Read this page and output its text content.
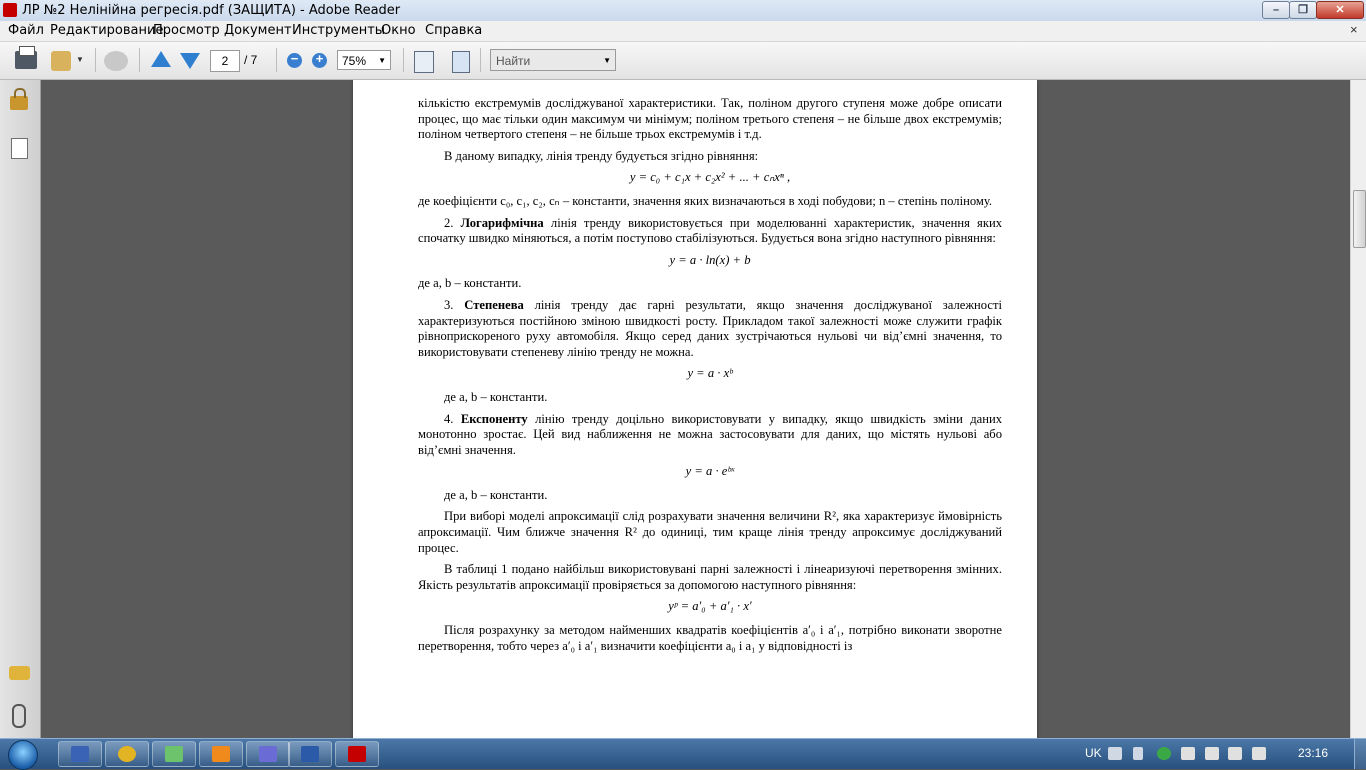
ЛР №2 Нелінійна регресія.pdf (ЗАЩИТА) - Adobe Reader	–	❐	✕
Файл Редактирование
Просмотр Документ Инструменты
Окно Справка	×
▼	− +
2	/ 7	75% ▼	Найти	▼

кількістю екстремумів досліджуваної характеристики. Так, поліном другого ступеня може добре описати процес, що має тільки один максимум чи мінімум; поліном третього степеня – не більше двох екстремумів; поліном четвертого степеня – не більше трьох екстремумів і т.д.

В даному випадку, лінія тренду будується згідно рівняння:

y = c₀ + c₁x + c₂x² + ... + cₙxⁿ ,

де коефіцієнти c₀, c₁, c₂, cₙ – константи, значення яких визначаються в ході побудови; n – степінь поліному.

2. Логарифмічна лінія тренду використовується при моделюванні характеристик, значення яких спочатку швидко міняються, а потім поступово стабілізуються. Будується вона згідно наступного рівняння:

y = a · ln(x) + b

де a, b – константи.

3. Степенева лінія тренду дає гарні результати, якщо значення досліджуваної залежності характеризуються постійною зміною швидкості росту. Прикладом такої залежності може служити графік рівноприскореного руху автомобіля. Якщо серед даних зустрічаються нульові чи від’ємні значення, то використовувати степеневу лінію тренду не можна.

y = a · xᵇ

де a, b – константи.

4. Експоненту лінію тренду доцільно використовувати у випадку, якщо швидкість зміни даних монотонно зростає. Цей вид наближення не можна застосовувати для даних, що містять нульові або від’ємні значення.

y = a · eᵇˣ

де a, b – константи.

При виборі моделі апроксимації слід розрахувати значення величини R², яка характеризує ймовірність апроксимації. Чим ближче значення R² до одиниці, тим краще лінія тренду апроксимує досліджуваний процес.

В таблиці 1 подано найбільш використовувані парні залежності і лінеаризуючі перетворення змінних. Якість результатів апроксимації провіряється за допомогою наступного рівняння:

yᵖ = a′₀ + a′₁ · x′

Після розрахунку за методом найменших квадратів коефіцієнтів a′₀ і a′₁, потрібно виконати зворотне перетворення, тобто через a′₀ і a′₁ визначити коефіцієнти a₀ і a₁ у відповідності із

UK	23:16
